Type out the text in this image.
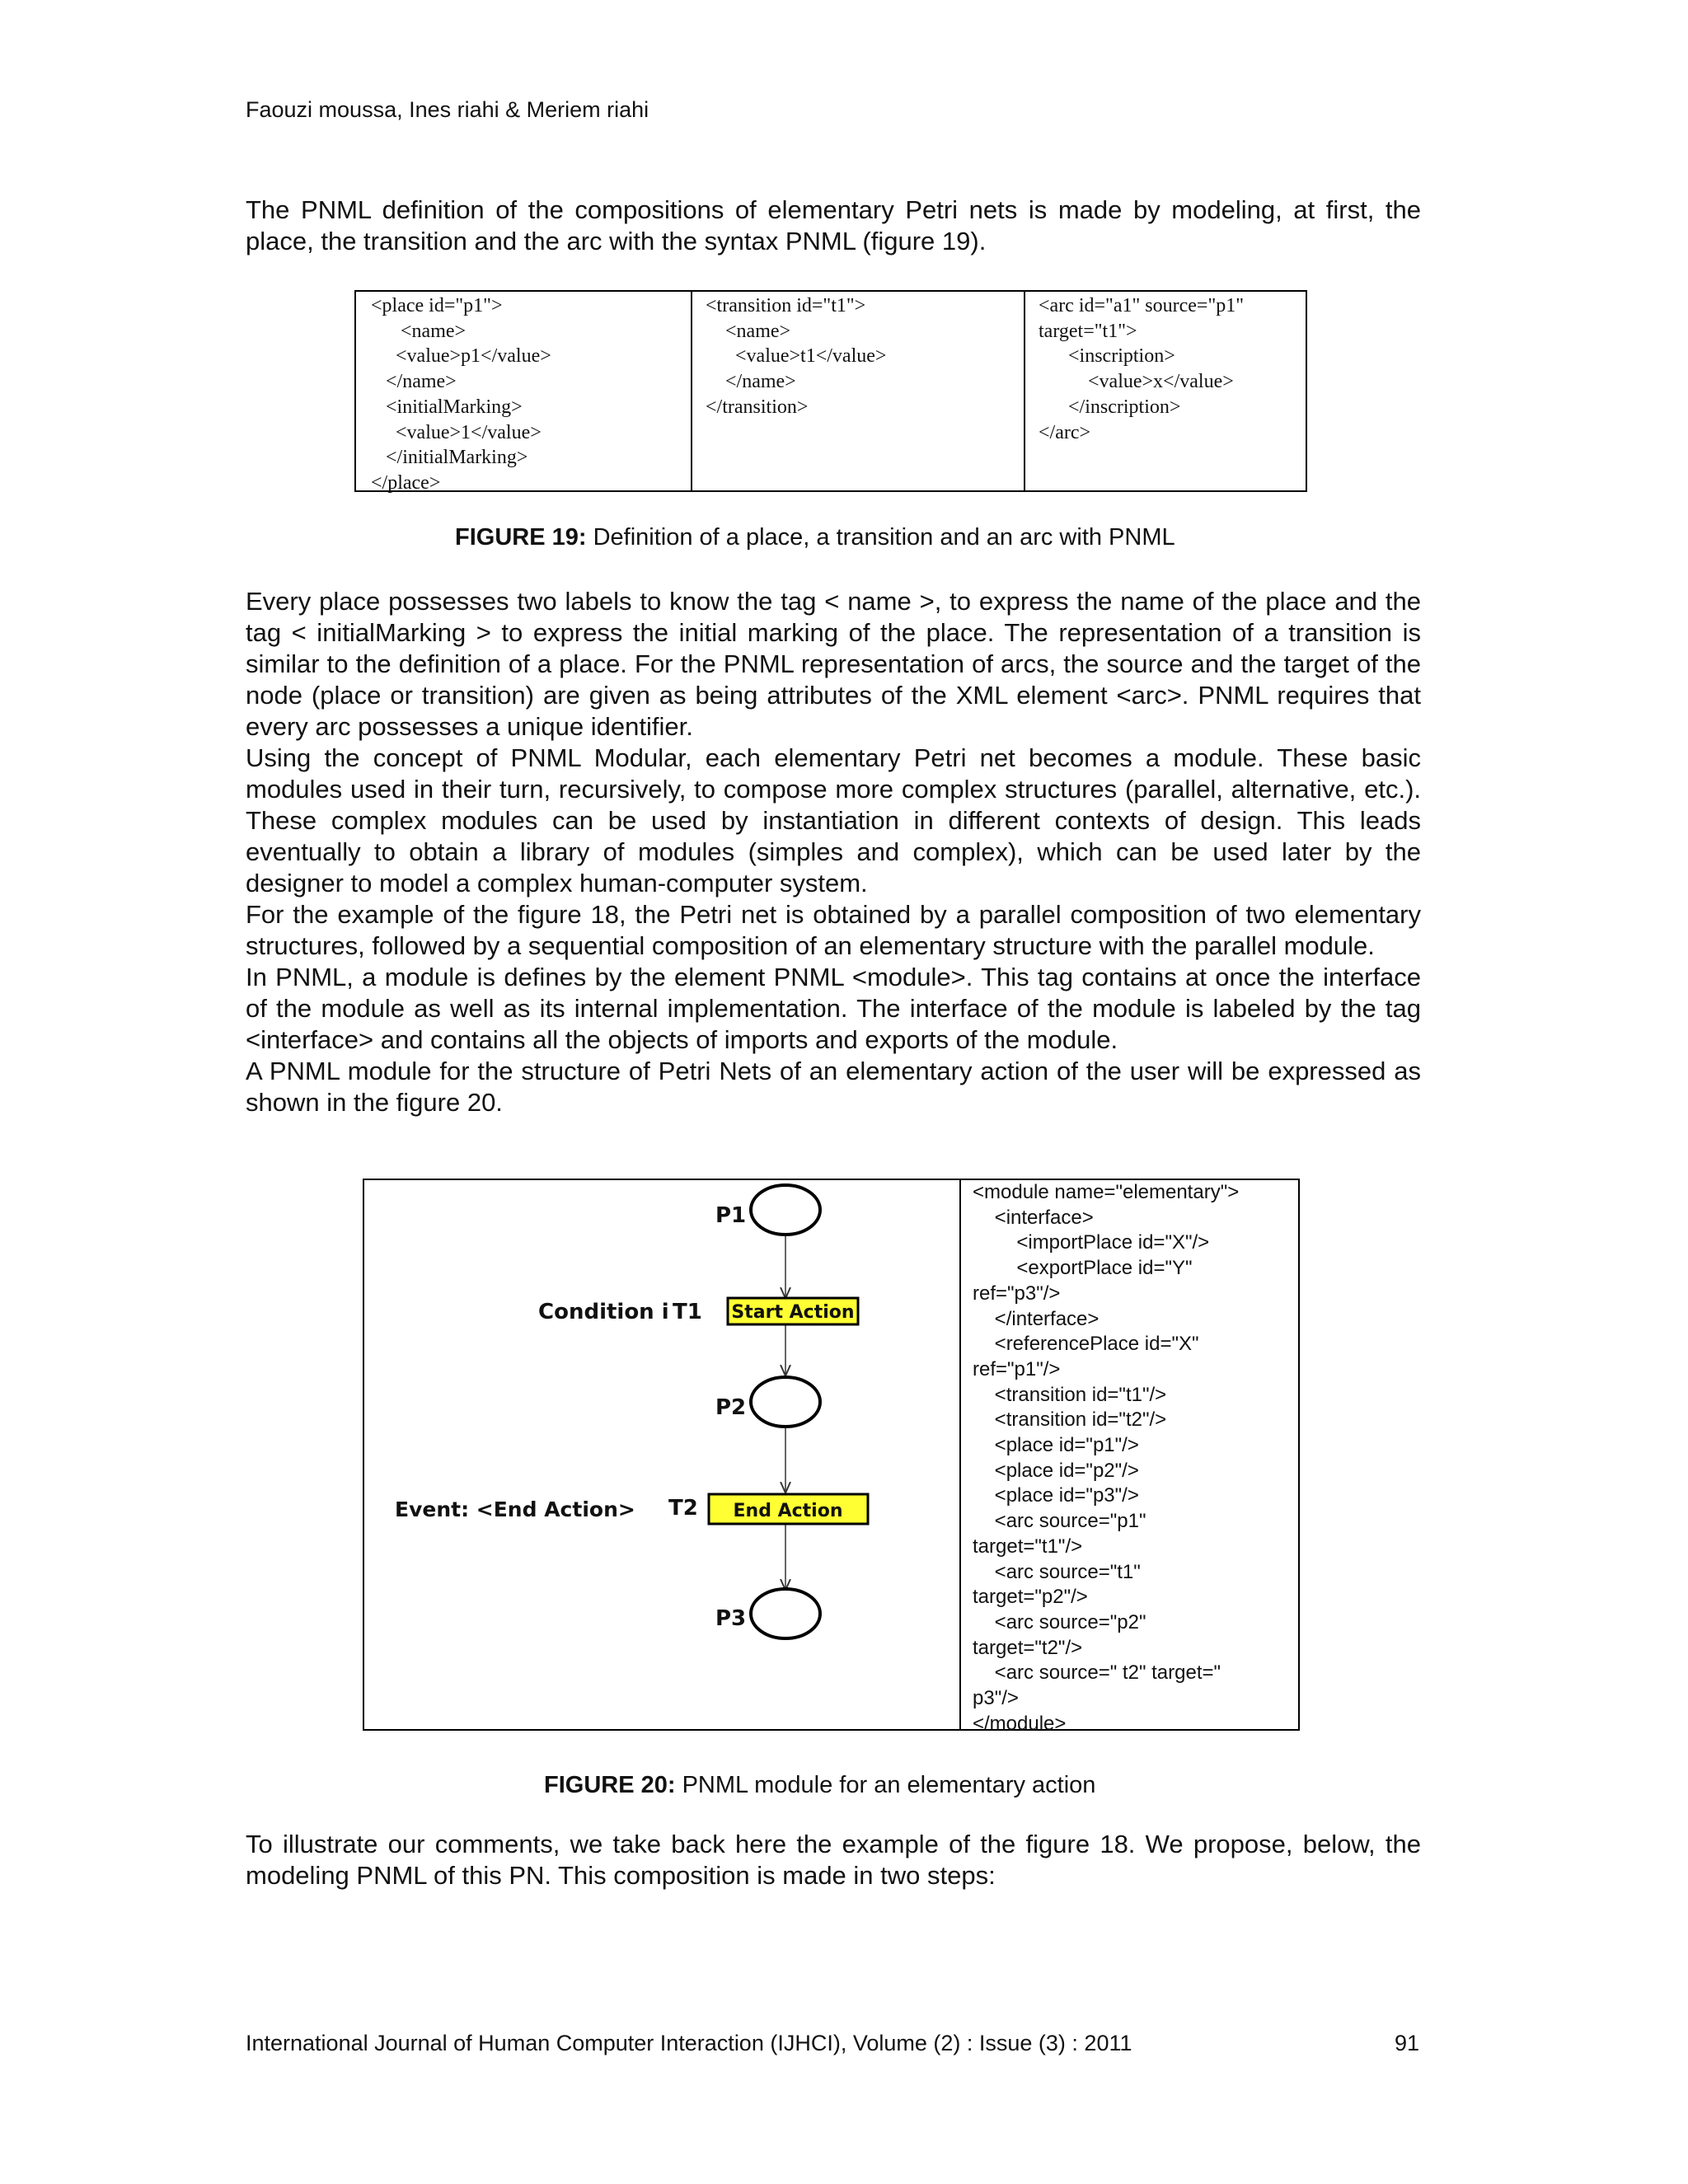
Faouzi moussa, Ines riahi & Meriem riahi

The PNML definition of the compositions of elementary Petri nets is made by modeling, at first, the place, the transition and the arc with the syntax PNML (figure 19).

<place id="p1">
<name>
<value>p1</value>
</name>
<initialMarking>
<value>1</value>
</initialMarking>
</place>
<transition id="t1">
<name>
<value>t1</value>
</name>
</transition>
<arc id="a1" source="p1"
target="t1">
<inscription>
<value>x</value>
</inscription>
</arc>
FIGURE 19: Definition of a place, a transition and an arc with PNML

Every place possesses two labels to know the tag < name >, to express the name of the place and the tag < initialMarking > to express the initial marking of the place. The representation of a transition is similar to the definition of a place. For the PNML representation of arcs, the source and the target of the node (place or transition) are given as being attributes of the XML element <arc>. PNML requires that every arc possesses a unique identifier.

Using the concept of PNML Modular, each elementary Petri net becomes a module. These basic modules used in their turn, recursively, to compose more complex structures (parallel, alternative, etc.). These complex modules can be used by instantiation in different contexts of design. This leads eventually to obtain a library of modules (simples and complex), which can be used later by the designer to model a complex human-computer system.

For the example of the figure 18, the Petri net is obtained by a parallel composition of two elementary structures, followed by a sequential composition of an elementary structure with the parallel module.

In PNML, a module is defines by the element PNML <module>. This tag contains at once the interface of the module as well as its internal implementation. The interface of the module is labeled by the tag <interface> and contains all the objects of imports and exports of the module.

A PNML module for the structure of Petri Nets of an elementary action of the user will be expressed as shown in the figure 20.

P1
P2
P3
T1
T2
Condition i
Event: <End Action>
Start Action
End Action
<module name="elementary">
<interface>
<importPlace id="X"/>
<exportPlace id="Y"
ref="p3"/>
</interface>
<referencePlace id="X"
ref="p1"/>
<transition id="t1"/>
<transition id="t2"/>
<place id="p1"/>
<place id="p2"/>
<place id="p3"/>
<arc source="p1"
target="t1"/>
<arc source="t1"
target="p2"/>
<arc source="p2"
target="t2"/>
<arc source=" t2" target="
p3"/>
</module>
FIGURE 20: PNML module for an elementary action

To illustrate our comments, we take back here the example of the figure 18. We propose, below, the modeling PNML of this PN. This composition is made in two steps:

International Journal of Human Computer Interaction (IJHCI), Volume (2) : Issue (3) : 2011	91
